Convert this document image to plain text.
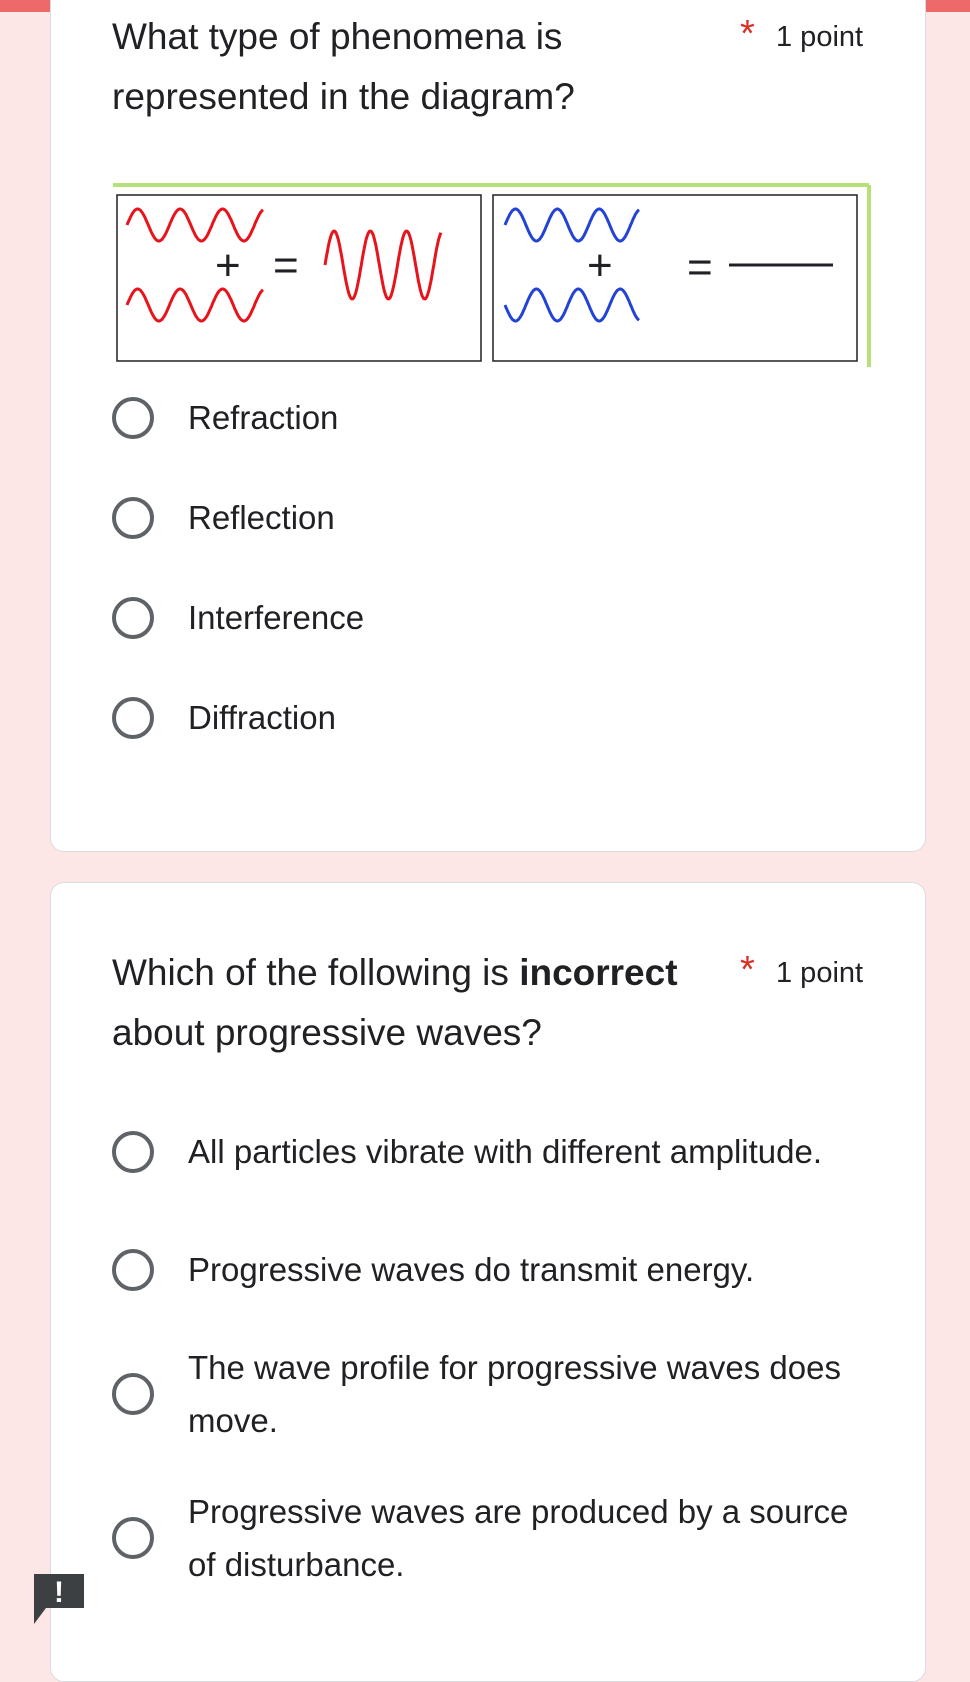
What type of phenomena is represented in the diagram?
* 1 point
+ =	+ =
Refraction
Reflection
Interference
Diffraction
Which of the following is incorrect about progressive waves?
* 1 point
All particles vibrate with different amplitude.
Progressive waves do transmit energy.
The wave profile for progressive waves does move.
Progressive waves are produced by a source of disturbance.
!
